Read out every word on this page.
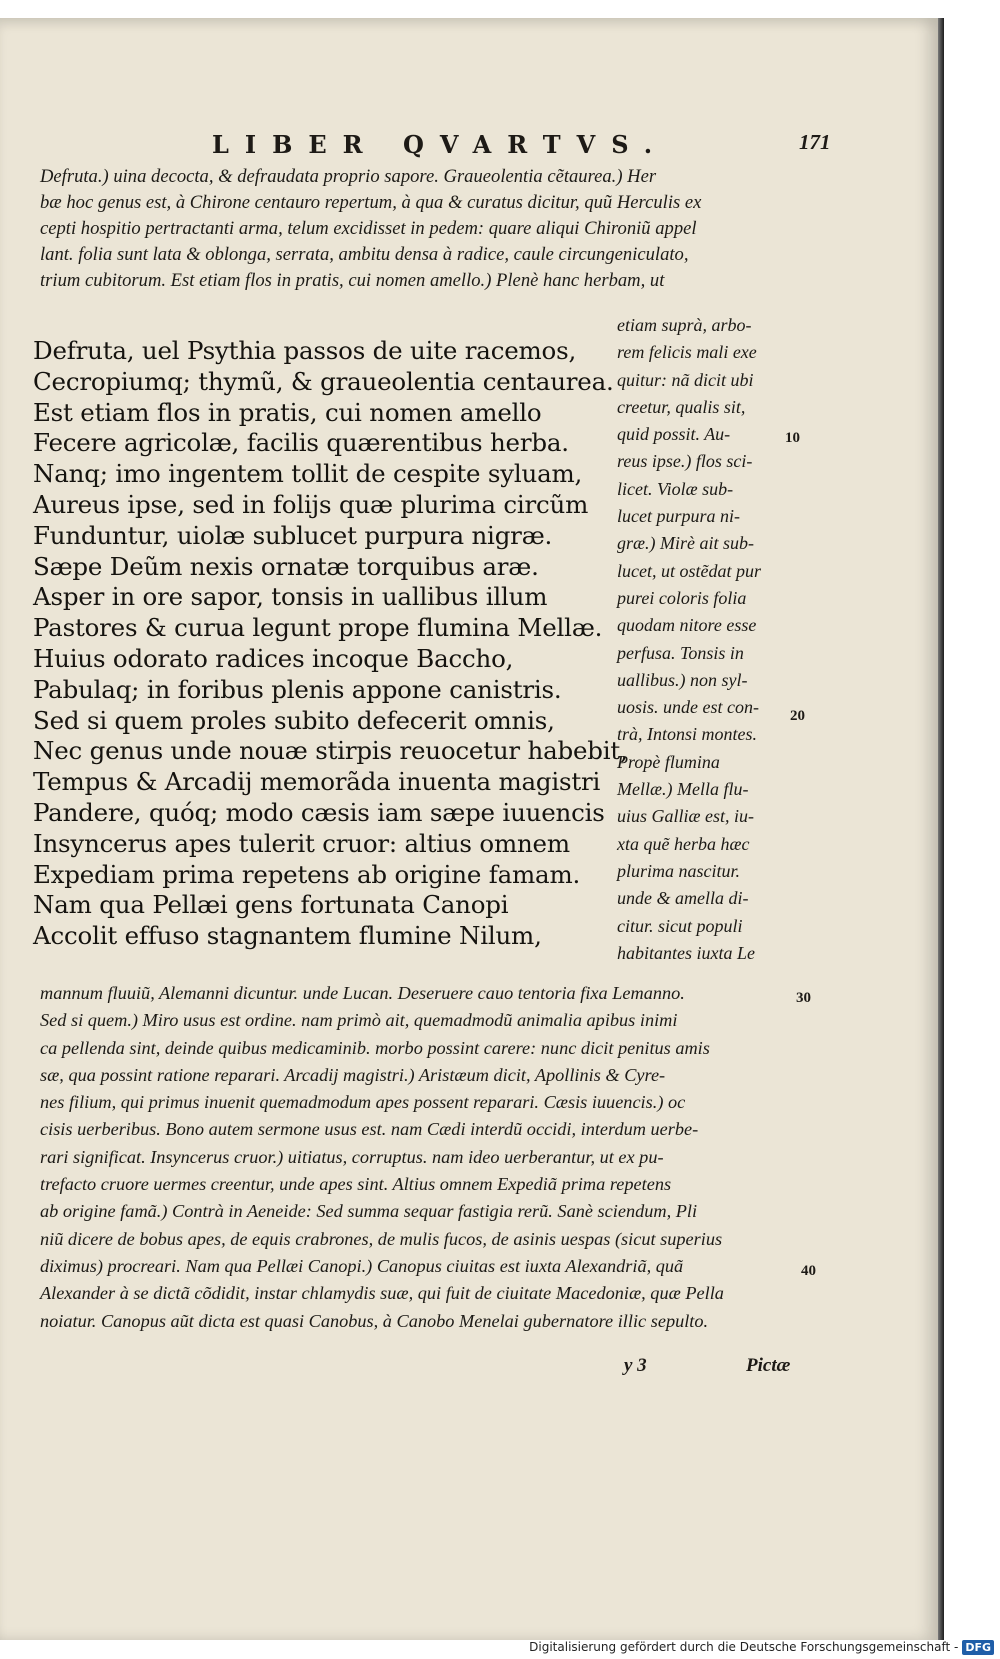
LIBER QVARTVS.	171
Defruta.) uina decocta, & defraudata proprio sapore. Graueolentia cẽtaurea.) Her
bæ hoc genus est, à Chirone centauro repertum, à qua & curatus dicitur, quũ Herculis ex
cepti hospitio pertractanti arma, telum excidisset in pedem: quare aliqui Chironiũ appel
lant. folia sunt lata & oblonga, serrata, ambitu densa à radice, caule circungeniculato,
trium cubitorum. Est etiam flos in pratis, cui nomen amello.) Plenè hanc herbam, ut
Defruta, uel Psythia passos de uite racemos,
Cecropiumq; thymũ, & graueolentia centaurea.
Est etiam flos in pratis, cui nomen amello
Fecere agricolæ, facilis quærentibus herba.
Nanq; imo ingentem tollit de cespite syluam,
Aureus ipse, sed in folijs quæ plurima circũm
Funduntur, uiolæ sublucet purpura nigræ.
Sæpe Deũm nexis ornatæ torquibus aræ.
Asper in ore sapor, tonsis in uallibus illum
Pastores & curua legunt prope flumina Mellæ.
Huius odorato radices incoque Baccho,
Pabulaq; in foribus plenis appone canistris.
Sed si quem proles subito defecerit omnis,
Nec genus unde nouæ stirpis reuocetur habebit,
Tempus & Arcadij memorãda inuenta magistri
Pandere, quóq; modo cæsis iam sæpe iuuencis
Insyncerus apes tulerit cruor: altius omnem
Expediam prima repetens ab origine famam.
Nam qua Pellæi gens fortunata Canopi
Accolit effuso stagnantem flumine Nilum,
etiam suprà, arbo-
rem felicis mali exe
quitur: nã dicit ubi
creetur, qualis sit,
quid possit. Au-
reus ipse.) flos sci-
licet. Violæ sub-
lucet purpura ni-
græ.) Mirè ait sub-
lucet, ut ostẽdat pur
purei coloris folia
quodam nitore esse
perfusa. Tonsis in
uallibus.) non syl-
uosis. unde est con-
trà, Intonsi montes.
Propè flumina
Mellæ.) Mella flu-
uius Galliæ est, iu-
xta quẽ herba hæc
plurima nascitur.
unde & amella di-
citur. sicut populi
habitantes iuxta Le
mannum fluuiũ, Alemanni dicuntur. unde Lucan. Deseruere cauo tentoria fixa Lemanno.
Sed si quem.) Miro usus est ordine. nam primò ait, quemadmodũ animalia apibus inimi
ca pellenda sint, deinde quibus medicaminib. morbo possint carere: nunc dicit penitus amis
sæ, qua possint ratione reparari. Arcadij magistri.) Aristæum dicit, Apollinis & Cyre-
nes filium, qui primus inuenit quemadmodum apes possent reparari. Cæsis iuuencis.) oc
cisis uerberibus. Bono autem sermone usus est. nam Cædi interdũ occidi, interdum uerbe-
rari significat. Insyncerus cruor.) uitiatus, corruptus. nam ideo uerberantur, ut ex pu-
trefacto cruore uermes creentur, unde apes sint. Altius omnem Expediã prima repetens
ab origine famã.) Contrà in Aeneide: Sed summa sequar fastigia rerũ. Sanè sciendum, Pli
niũ dicere de bobus apes, de equis crabrones, de mulis fucos, de asinis uespas (sicut superius
diximus) procreari. Nam qua Pellæi Canopi.) Canopus ciuitas est iuxta Alexandriã, quã
Alexander à se dictã cõdidit, instar chlamydis suæ, qui fuit de ciuitate Macedoniæ, quæ Pella
noiatur. Canopus aũt dicta est quasi Canobus, à Canobo Menelai gubernatore illic sepulto.
10
20
30
40
y 3	Pictæ
Digitalisierung gefördert durch die Deutsche Forschungsgemeinschaft - DFG
